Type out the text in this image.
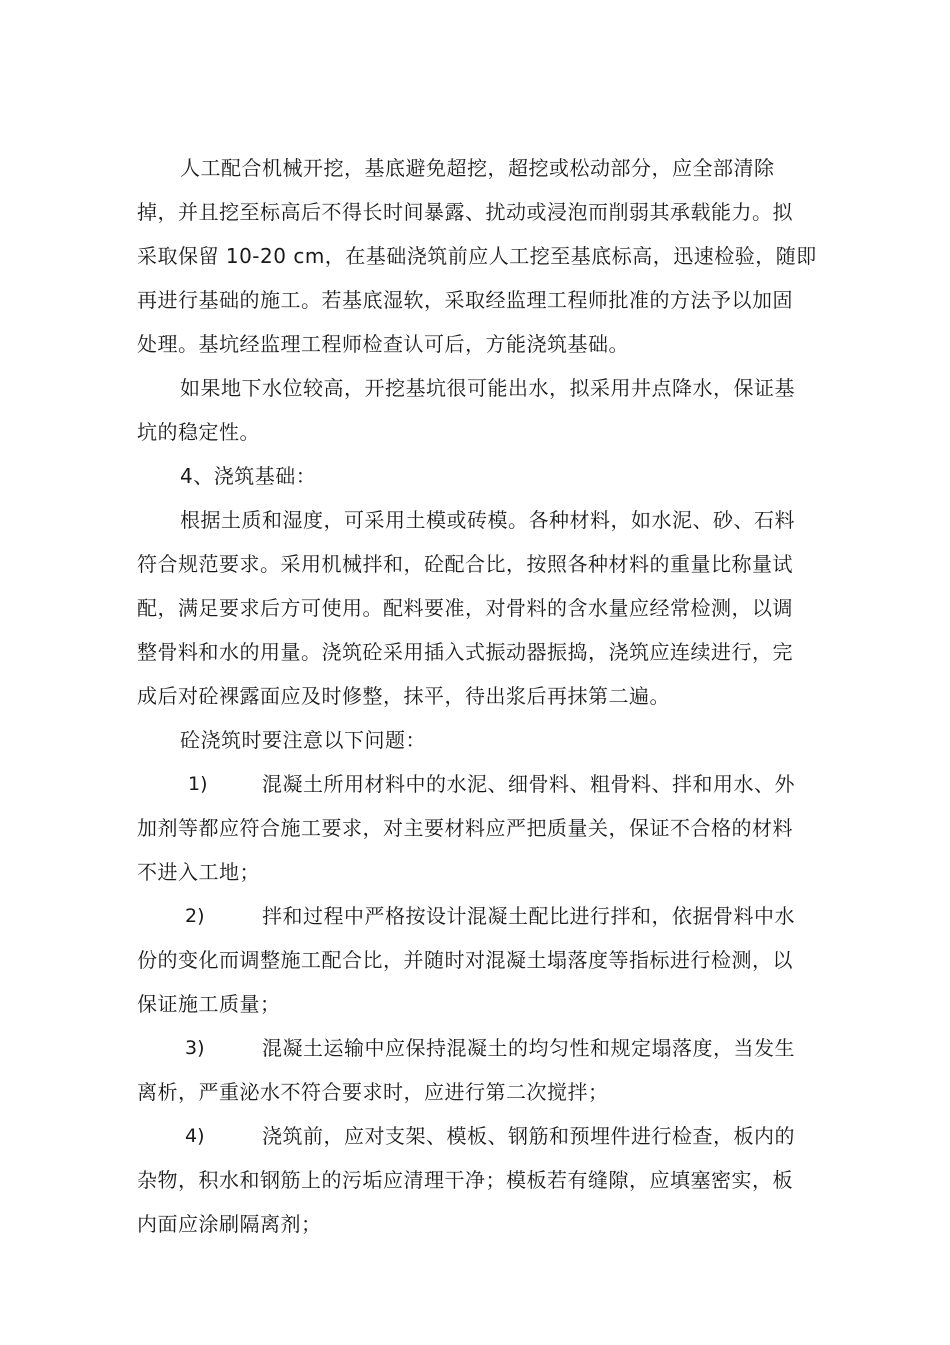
人工配合机械开挖，基底避免超挖，超挖或松动部分，应全部清除
掉，并且挖至标高后不得长时间暴露、扰动或浸泡而削弱其承载能力。拟
采取保留 10-20 cm，在基础浇筑前应人工挖至基底标高，迅速检验，随即
再进行基础的施工。若基底湿软，采取经监理工程师批准的方法予以加固
处理。基坑经监理工程师检查认可后，方能浇筑基础。
如果地下水位较高，开挖基坑很可能出水，拟采用井点降水，保证基
坑的稳定性。
4、浇筑基础：
根据土质和湿度，可采用土模或砖模。各种材料，如水泥、砂、石料
符合规范要求。采用机械拌和，砼配合比，按照各种材料的重量比称量试
配，满足要求后方可使用。配料要准，对骨料的含水量应经常检测，以调
整骨料和水的用量。浇筑砼采用插入式振动器振捣，浇筑应连续进行，完
成后对砼裸露面应及时修整，抹平，待出浆后再抹第二遍。
砼浇筑时要注意以下问题：
1)	混凝土所用材料中的水泥、细骨料、粗骨料、拌和用水、外
加剂等都应符合施工要求，对主要材料应严把质量关，保证不合格的材料
不进入工地；
2)	拌和过程中严格按设计混凝土配比进行拌和，依据骨料中水
份的变化而调整施工配合比，并随时对混凝土塌落度等指标进行检测，以
保证施工质量；
3)	混凝土运输中应保持混凝土的均匀性和规定塌落度，当发生
离析，严重泌水不符合要求时，应进行第二次搅拌；
4)	浇筑前，应对支架、模板、钢筋和预埋件进行检查，板内的
杂物，积水和钢筋上的污垢应清理干净；模板若有缝隙，应填塞密实，板
内面应涂刷隔离剂；
